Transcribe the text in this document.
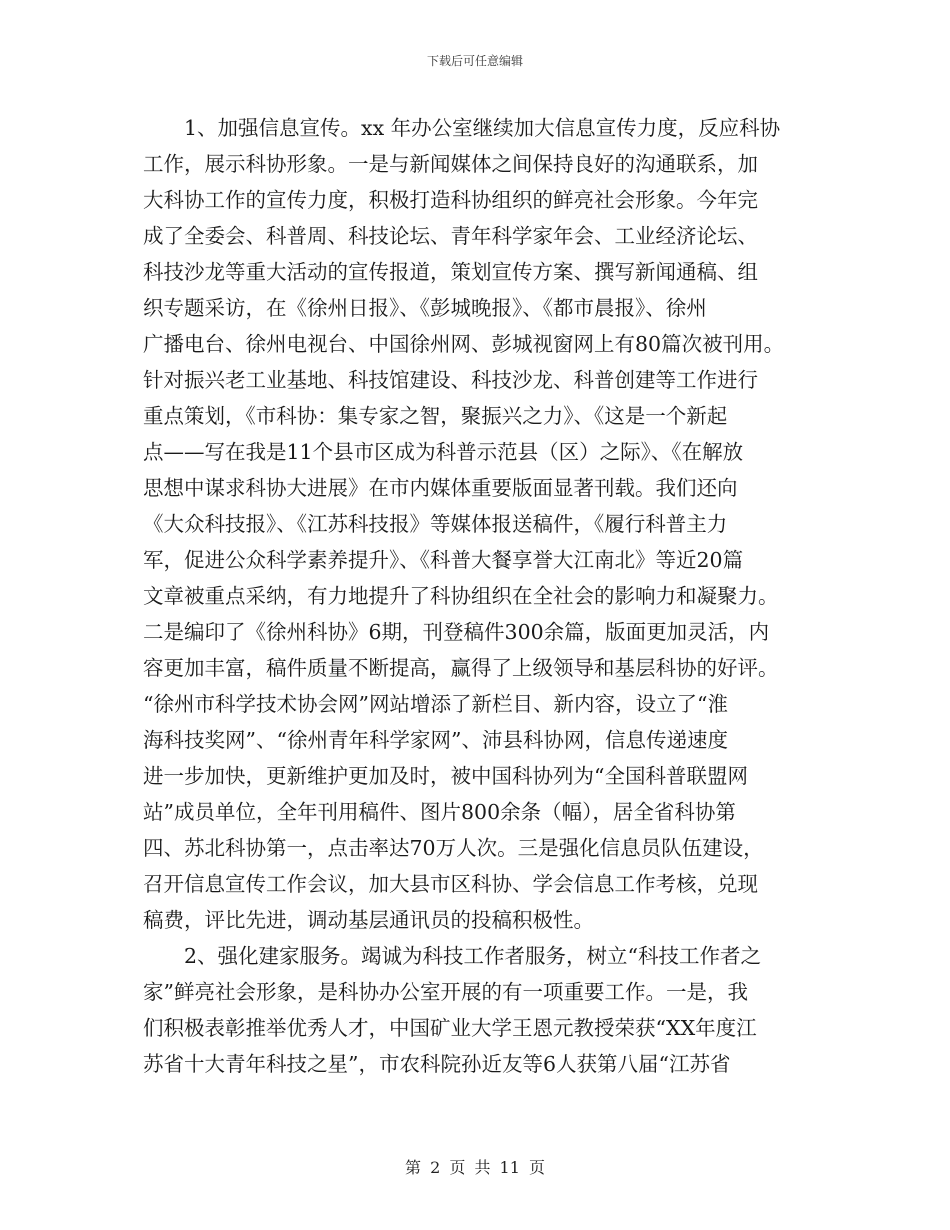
下载后可任意编辑
1、加强信息宣传。xx 年办公室继续加大信息宣传力度，反应科协
工作，展示科协形象。一是与新闻媒体之间保持良好的沟通联系，加
大科协工作的宣传力度，积极打造科协组织的鲜亮社会形象。今年完
成了全委会、科普周、科技论坛、青年科学家年会、工业经济论坛、
科技沙龙等重大活动的宣传报道，策划宣传方案、撰写新闻通稿、组
织专题采访，在《徐州日报》、《彭城晚报》、《都市晨报》、徐州
广播电台、徐州电视台、中国徐州网、彭城视窗网上有80篇次被刊用。
针对振兴老工业基地、科技馆建设、科技沙龙、科普创建等工作进行
重点策划，《市科协：集专家之智，聚振兴之力》、《这是一个新起
点——写在我是11个县市区成为科普示范县（区）之际》、《在解放
思想中谋求科协大进展》在市内媒体重要版面显著刊载。我们还向
《大众科技报》、《江苏科技报》等媒体报送稿件，《履行科普主力
军，促进公众科学素养提升》、《科普大餐享誉大江南北》等近20篇
文章被重点采纳，有力地提升了科协组织在全社会的影响力和凝聚力。
二是编印了《徐州科协》6期，刊登稿件300余篇，版面更加灵活，内
容更加丰富，稿件质量不断提高，赢得了上级领导和基层科协的好评。
“徐州市科学技术协会网”网站增添了新栏目、新内容，设立了“淮
海科技奖网”、“徐州青年科学家网”、沛县科协网，信息传递速度
进一步加快，更新维护更加及时，被中国科协列为“全国科普联盟网
站”成员单位，全年刊用稿件、图片800余条（幅），居全省科协第
四、苏北科协第一，点击率达70万人次。三是强化信息员队伍建设，
召开信息宣传工作会议，加大县市区科协、学会信息工作考核，兑现
稿费，评比先进，调动基层通讯员的投稿积极性。
2、强化建家服务。竭诚为科技工作者服务，树立“科技工作者之
家”鲜亮社会形象，是科协办公室开展的有一项重要工作。一是，我
们积极表彰推举优秀人才，中国矿业大学王恩元教授荣获“XX年度江
苏省十大青年科技之星”，市农科院孙近友等6人获第八届“江苏省
第 2 页 共 11 页
